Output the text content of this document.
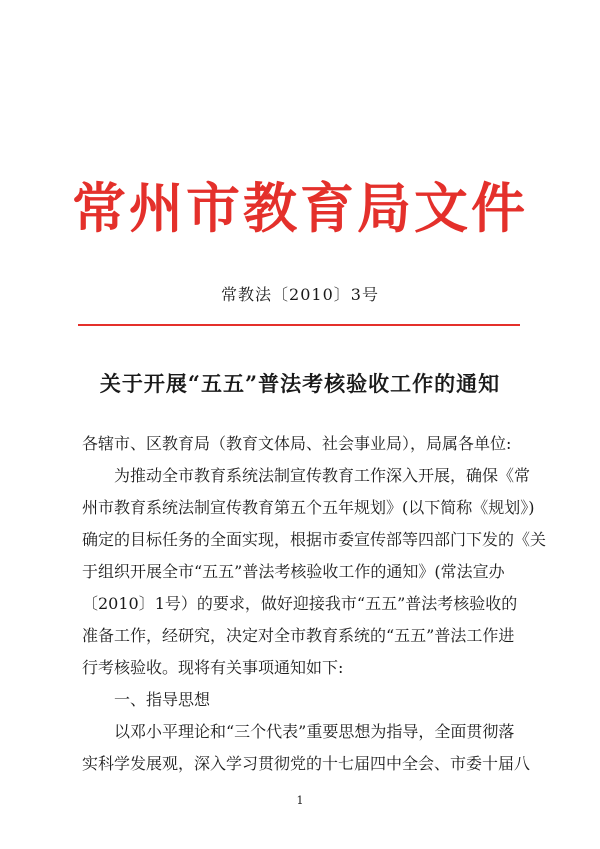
常州市教育局文件
常教法〔2010〕3号
关于开展“五五”普法考核验收工作的通知
各辖市、区教育局（教育文体局、社会事业局），局属各单位:
为推动全市教育系统法制宣传教育工作深入开展，确保《常
州市教育系统法制宣传教育第五个五年规划》(以下简称《规划》)
确定的目标任务的全面实现，根据市委宣传部等四部门下发的《关
于组织开展全市“五五”普法考核验收工作的通知》(常法宣办
〔2010〕1号）的要求，做好迎接我市“五五”普法考核验收的
准备工作，经研究，决定对全市教育系统的“五五”普法工作进
行考核验收。现将有关事项通知如下:
一、指导思想
以邓小平理论和“三个代表”重要思想为指导，全面贯彻落
实科学发展观，深入学习贯彻党的十七届四中全会、市委十届八
1
